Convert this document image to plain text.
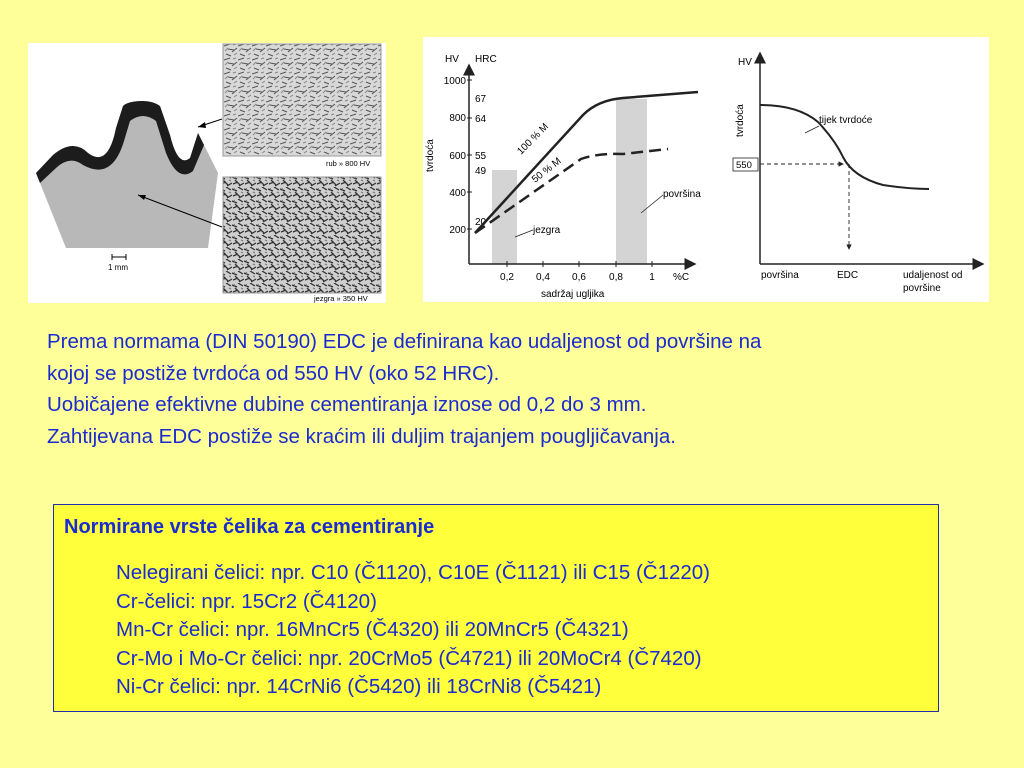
1 mm
rub » 800 HV
jezgra » 350 HV
HV HRC
tvrdoća
sadržaj ugljika
1000
800
600
400
200
67
64
55
49
20
0,2 0,4 0,6 0,8	1 %C
100 % M
50 % M
jezgra
površina
HV
tvrdoća	tijek tvrdoće
550
površina	EDC	udaljenost od
površine

Prema normama (DIN 50190) EDC je definirana kao udaljenost od površine na

kojoj se postiže tvrdoća od 550 HV (oko 52 HRC).

Uobičajene efektivne dubine cementiranja iznose od 0,2 do 3 mm.

Zahtijevana EDC postiže se kraćim ili duljim trajanjem pougljičavanja.

Normirane vrste čelika za cementiranje
Nelegirani čelici: npr. C10 (Č1120), C10E (Č1121) ili C15 (Č1220)
Cr-čelici: npr. 15Cr2 (Č4120)
Mn-Cr čelici: npr. 16MnCr5 (Č4320) ili 20MnCr5 (Č4321)
Cr-Mo i Mo-Cr čelici: npr. 20CrMo5 (Č4721) ili 20MoCr4 (Č7420)
Ni-Cr čelici: npr. 14CrNi6 (Č5420) ili 18CrNi8 (Č5421)
